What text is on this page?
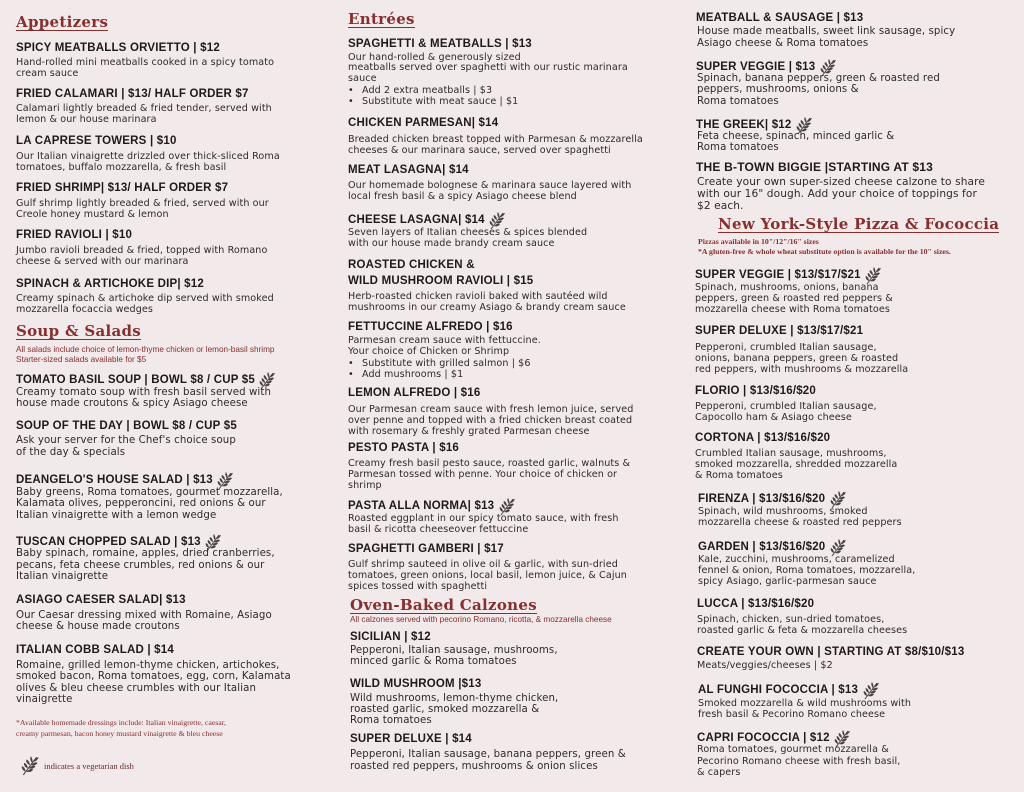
Appetizers
SPICY MEATBALLS ORVIETTO | $12
Hand-rolled mini meatballs cooked in a spicy tomato
cream sauce
FRIED CALAMARI | $13/ HALF ORDER $7
Calamari lightly breaded & fried tender, served with
lemon & our house marinara
LA CAPRESE TOWERS | $10
Our Italian vinaigrette drizzled over thick-sliced Roma
tomatoes, buffalo mozzarella, & fresh basil
FRIED SHRIMP| $13/ HALF ORDER $7
Gulf shrimp lightly breaded & fried, served with our
Creole honey mustard & lemon
FRIED RAVIOLI | $10
Jumbo ravioli breaded & fried, topped with Romano
cheese & served with our marinara
SPINACH & ARTICHOKE DIP| $12
Creamy spinach & artichoke dip served with smoked
mozzarella focaccia wedges
Soup & Salads
All salads include choice of lemon-thyme chicken or lemon-basil shrimp
Starter-sized salads available for $5
TOMATO BASIL SOUP | BOWL $8 / CUP $5
Creamy tomato soup with fresh basil served with
house made croutons & spicy Asiago cheese
SOUP OF THE DAY | BOWL $8 / CUP $5
Ask your server for the Chef's choice soup
of the day & specials
DEANGELO'S HOUSE SALAD | $13
Baby greens, Roma tomatoes, gourmet mozzarella,
Kalamata olives, pepperoncini, red onions & our
Italian vinaigrette with a lemon wedge
TUSCAN CHOPPED SALAD | $13
Baby spinach, romaine, apples, dried cranberries,
pecans, feta cheese crumbles, red onions & our
Italian vinaigrette
ASIAGO CAESER SALAD| $13
Our Caesar dressing mixed with Romaine, Asiago
cheese & house made croutons
ITALIAN COBB SALAD | $14
Romaine, grilled lemon-thyme chicken, artichokes,
smoked bacon, Roma tomatoes, egg, corn, Kalamata
olives & bleu cheese crumbles with our Italian
vinaigrette
*Available homemade dressings include: Italian vinaigrette, caesar,
creamy parmesan, bacon honey mustard vinaigrette & bleu cheese
indicates a vegetarian dish
Entrées
SPAGHETTI & MEATBALLS | $13
Our hand-rolled & generously sized
meatballs served over spaghetti with our rustic marinara
sauce
• Add 2 extra meatballs | $3
• Substitute with meat sauce | $1
CHICKEN PARMESAN| $14
Breaded chicken breast topped with Parmesan & mozzarella
cheeses & our marinara sauce, served over spaghetti
MEAT LASAGNA| $14
Our homemade bolognese & marinara sauce layered with
local fresh basil & a spicy Asiago cheese blend
CHEESE LASAGNA| $14
Seven layers of Italian cheeses & spices blended
with our house made brandy cream sauce
ROASTED CHICKEN &
WILD MUSHROOM RAVIOLI | $15
Herb-roasted chicken ravioli baked with sautéed wild
mushrooms in our creamy Asiago & brandy cream sauce
FETTUCCINE ALFREDO | $16
Parmesan cream sauce with fettuccine.
Your choice of Chicken or Shrimp
• Substitute with grilled salmon | $6
• Add mushrooms | $1
LEMON ALFREDO | $16
Our Parmesan cream sauce with fresh lemon juice, served
over penne and topped with a fried chicken breast coated
with rosemary & freshly grated Parmesan cheese
PESTO PASTA | $16
Creamy fresh basil pesto sauce, roasted garlic, walnuts &
Parmesan tossed with penne. Your choice of chicken or
shrimp
PASTA ALLA NORMA| $13
Roasted eggplant in our spicy tomato sauce, with fresh
basil & ricotta cheeseover fettuccine
SPAGHETTI GAMBERI | $17
Gulf shrimp sauteed in olive oil & garlic, with sun-dried
tomatoes, green onions, local basil, lemon juice, & Cajun
spices tossed with spaghetti
Oven-Baked Calzones
All calzones served with pecorino Romano, ricotta, & mozzarella cheese
SICILIAN | $12
Pepperoni, Italian sausage, mushrooms,
minced garlic & Roma tomatoes
WILD MUSHROOM |$13
Wild mushrooms, lemon-thyme chicken,
roasted garlic, smoked mozzarella &
Roma tomatoes
SUPER DELUXE | $14
Pepperoni, Italian sausage, banana peppers, green &
roasted red peppers, mushrooms & onion slices
MEATBALL & SAUSAGE | $13
House made meatballs, sweet link sausage, spicy
Asiago cheese & Roma tomatoes
SUPER VEGGIE | $13
Spinach, banana peppers, green & roasted red
peppers, mushrooms, onions &
Roma tomatoes
THE GREEK| $12
Feta cheese, spinach, minced garlic &
Roma tomatoes
THE B-TOWN BIGGIE |STARTING AT $13
Create your own super-sized cheese calzone to share
with our 16" dough. Add your choice of toppings for
$2 each.
New York-Style Pizza & Fococcia
Pizzas available in 10"/12"/16" sizes
*A gluten-free & whole wheat substitute option is available for the 10" sizes.
SUPER VEGGIE | $13/$17/$21
Spinach, mushrooms, onions, banana
peppers, green & roasted red peppers &
mozzarella cheese with Roma tomatoes
SUPER DELUXE | $13/$17/$21
Pepperoni, crumbled Italian sausage,
onions, banana peppers, green & roasted
red peppers, with mushrooms & mozzarella
FLORIO | $13/$16/$20
Pepperoni, crumbled Italian sausage,
Capocollo ham & Asiago cheese
CORTONA | $13/$16/$20
Crumbled Italian sausage, mushrooms,
smoked mozzarella, shredded mozzarella
& Roma tomatoes
FIRENZA | $13/$16/$20
Spinach, wild mushrooms, smoked
mozzarella cheese & roasted red peppers
GARDEN | $13/$16/$20
Kale, zucchini, mushrooms, caramelized
fennel & onion, Roma tomatoes, mozzarella,
spicy Asiago, garlic-parmesan sauce
LUCCA | $13/$16/$20
Spinach, chicken, sun-dried tomatoes,
roasted garlic & feta & mozzarella cheeses
CREATE YOUR OWN | STARTING AT $8/$10/$13
Meats/veggies/cheeses | $2
AL FUNGHI FOCOCCIA | $13
Smoked mozzarella & wild mushrooms with
fresh basil & Pecorino Romano cheese
CAPRI FOCOCCIA | $12
Roma tomatoes, gourmet mozzarella &
Pecorino Romano cheese with fresh basil,
& capers
